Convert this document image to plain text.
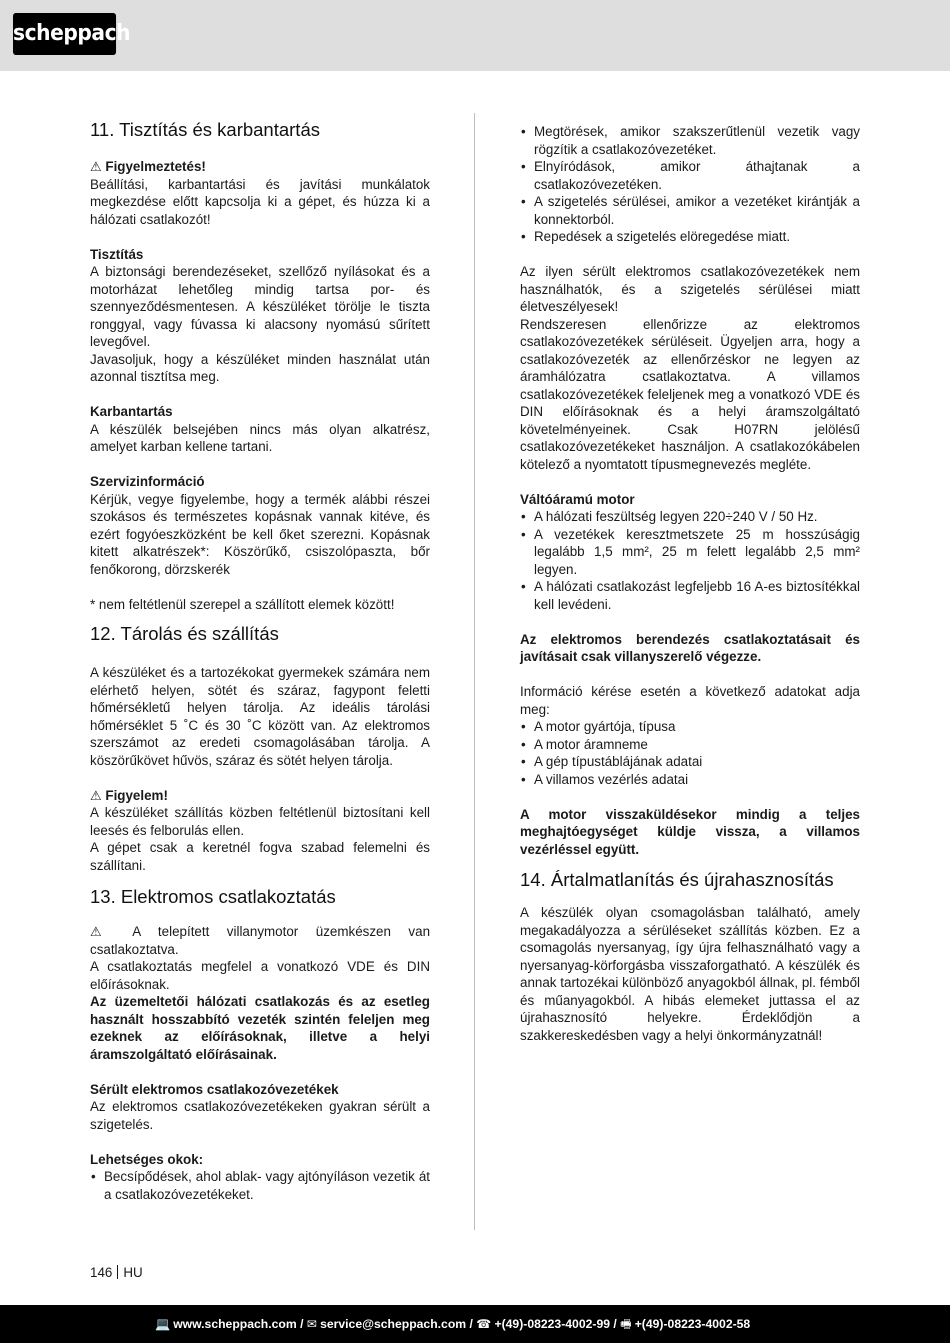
scheppach
11. Tisztítás és karbantartás

⚠ Figyelmeztetés!

Beállítási, karbantartási és javítási munkálatok megkezdése előtt kapcsolja ki a gépet, és húzza ki a hálózati csatlakozót!

Tisztítás

A biztonsági berendezéseket, szellőző nyílásokat és a motorházat lehetőleg mindig tartsa por- és szennyeződésmentesen. A készüléket törölje le tiszta ronggyal, vagy fúvassa ki alacsony nyomású sűrített levegővel.

Javasoljuk, hogy a készüléket minden használat után azonnal tisztítsa meg.

Karbantartás

A készülék belsejében nincs más olyan alkatrész, amelyet karban kellene tartani.

Szervizinformáció

Kérjük, vegye figyelembe, hogy a termék alábbi részei szokásos és természetes kopásnak vannak kitéve, és ezért fogyóeszközként be kell őket szerezni. Kopásnak kitett alkatrészek*: Köszörűkő, csiszolópaszta, bőr fenőkorong, dörzskerék

* nem feltétlenül szerepel a szállított elemek között!

12. Tárolás és szállítás

A készüléket és a tartozékokat gyermekek számára nem elérhető helyen, sötét és száraz, fagypont feletti hőmérsékletű helyen tárolja. Az ideális tárolási hőmérséklet 5 ˚C és 30 ˚C között van. Az elektromos szerszámot az eredeti csomagolásában tárolja. A köszörűkövet hűvös, száraz és sötét helyen tárolja.

⚠ Figyelem!

A készüléket szállítás közben feltétlenül biztosítani kell leesés és felborulás ellen.

A gépet csak a keretnél fogva szabad felemelni és szállítani.

13. Elektromos csatlakoztatás

⚠ A telepített villanymotor üzemkészen van csatlakoztatva.

A csatlakoztatás megfelel a vonatkozó VDE és DIN előírásoknak.

Az üzemeltetői hálózati csatlakozás és az esetleg használt hosszabbító vezeték szintén feleljen meg ezeknek az előírásoknak, illetve a helyi áramszolgáltató előírásainak.

Sérült elektromos csatlakozóvezetékek

Az elektromos csatlakozóvezetékeken gyakran sérült a szigetelés.

Lehetséges okok:

• Becsípődések, ahol ablak- vagy ajtónyíláson vezetik át a csatlakozóvezetékeket.
• Megtörések, amikor szakszerűtlenül vezetik vagy rögzítik a csatlakozóvezetéket.
• Elnyíródások, amikor áthajtanak a csatlakozóvezetéken.
• A szigetelés sérülései, amikor a vezetéket kirántják a konnektorból.
• Repedések a szigetelés elöregedése miatt.

Az ilyen sérült elektromos csatlakozóvezetékek nem használhatók, és a szigetelés sérülései miatt életveszélyesek!

Rendszeresen ellenőrizze az elektromos csatlakozóvezetékek sérüléseit. Ügyeljen arra, hogy a csatlakozóvezeték az ellenőrzéskor ne legyen az áramhálózatra csatlakoztatva. A villamos csatlakozóvezetékek feleljenek meg a vonatkozó VDE és DIN előírásoknak és a helyi áramszolgáltató követelményeinek. Csak H07RN jelölésű csatlakozóvezetékeket használjon. A csatlakozókábelen kötelező a nyomtatott típusmegnevezés megléte.

Váltóáramú motor

• A hálózati feszültség legyen 220÷240 V / 50 Hz.
• A vezetékek keresztmetszete 25 m hosszúságig legalább 1,5 mm², 25 m felett legalább 2,5 mm² legyen.
• A hálózati csatlakozást legfeljebb 16 A-es biztosítékkal kell levédeni.

Az elektromos berendezés csatlakoztatásait és javításait csak villanyszerelő végezze.

Információ kérése esetén a következő adatokat adja meg:

• A motor gyártója, típusa
• A motor áramneme
• A gép típustáblájának adatai
• A villamos vezérlés adatai

A motor visszaküldésekor mindig a teljes meghajtóegységet küldje vissza, a villamos vezérléssel együtt.

14. Ártalmatlanítás és újrahasznosítás

A készülék olyan csomagolásban található, amely megakadályozza a sérüléseket szállítás közben. Ez a csomagolás nyersanyag, így újra felhasználható vagy a nyersanyag-körforgásba visszaforgatható. A készülék és annak tartozékai különböző anyagokból állnak, pl. fémből és műanyagokból. A hibás elemeket juttassa el az újrahasznosító helyekre. Érdeklődjön a szakkereskedésben vagy a helyi önkormányzatnál!

146 HU
💻 www.scheppach.com / ✉ service@scheppach.com / ☎ +(49)-08223-4002-99 / 🖷 +(49)-08223-4002-58
